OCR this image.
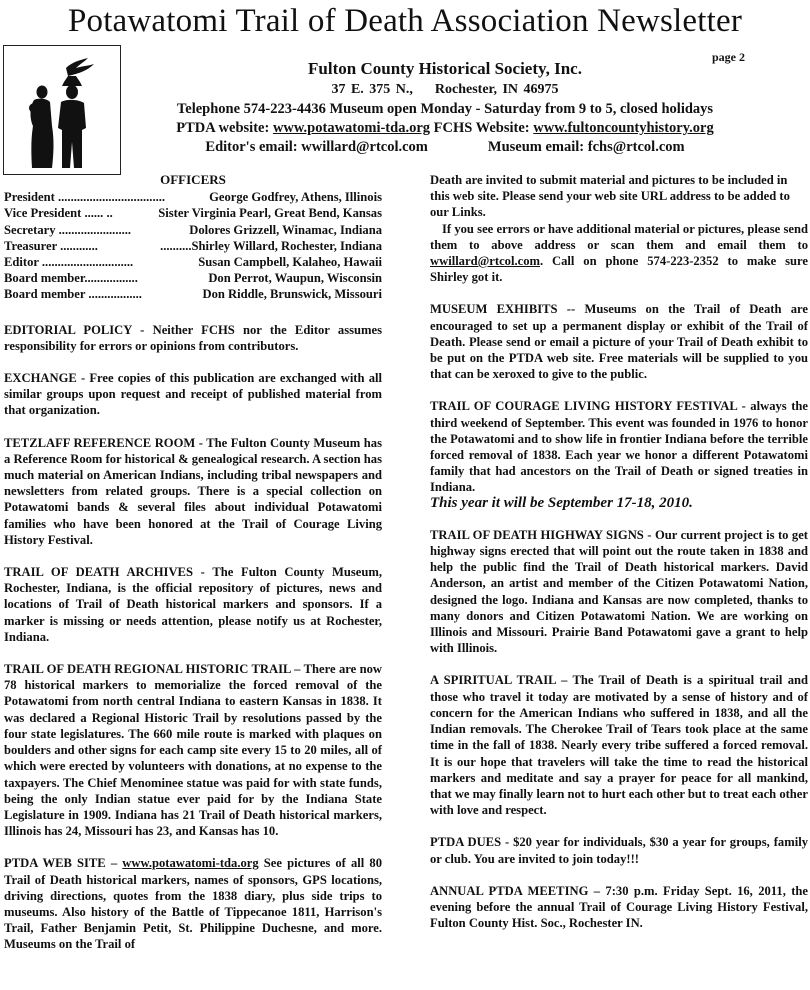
Potawatomi Trail of Death Association Newsletter
page 2

Fulton County Historical Society, Inc.

37 E. 375 N., Rochester, IN 46975

Telephone 574-223-4436 Museum open Monday - Saturday from 9 to 5, closed holidays

PTDA website: www.potawatomi-tda.org FCHS Website: www.fultoncountyhistory.org

Editor's email: wwillard@rtcol.com	Museum email: fchs@rtcol.com

OFFICERS

President ..................................	George Godfrey, Athens, Illinois
Vice President ...... ..	Sister Virginia Pearl, Great Bend, Kansas
Secretary .......................	Dolores Grizzell, Winamac, Indiana
Treasurer ............	..........Shirley Willard, Rochester, Indiana
Editor .............................	Susan Campbell, Kalaheo, Hawaii
Board member.................	Don Perrot, Waupun, Wisconsin
Board member .................	Don Riddle, Brunswick, Missouri

EDITORIAL POLICY - Neither FCHS nor the Editor assumes responsibility for errors or opinions from contributors.

EXCHANGE - Free copies of this publication are exchanged with all similar groups upon request and receipt of published material from that organization.

TETZLAFF REFERENCE ROOM - The Fulton County Museum has a Reference Room for historical & genealogical research. A section has much material on American Indians, including tribal newspapers and newsletters from related groups. There is a special collection on Potawatomi bands & several files about individual Potawatomi families who have been honored at the Trail of Courage Living History Festival.

TRAIL OF DEATH ARCHIVES - The Fulton County Museum, Rochester, Indiana, is the official repository of pictures, news and locations of Trail of Death historical markers and sponsors. If a marker is missing or needs attention, please notify us at Rochester, Indiana.

TRAIL OF DEATH REGIONAL HISTORIC TRAIL – There are now 78 historical markers to memorialize the forced removal of the Potawatomi from north central Indiana to eastern Kansas in 1838. It was declared a Regional Historic Trail by resolutions passed by the four state legislatures. The 660 mile route is marked with plaques on boulders and other signs for each camp site every 15 to 20 miles, all of which were erected by volunteers with donations, at no expense to the taxpayers. The Chief Menominee statue was paid for with state funds, being the only Indian statue ever paid for by the Indiana State Legislature in 1909. Indiana has 21 Trail of Death historical markers, Illinois has 24, Missouri has 23, and Kansas has 10.

PTDA WEB SITE – www.potawatomi-tda.org See pictures of all 80 Trail of Death historical markers, names of sponsors, GPS locations, driving directions, quotes from the 1838 diary, plus side trips to museums. Also history of the Battle of Tippecanoe 1811, Harrison's Trail, Father Benjamin Petit, St. Philippine Duchesne, and more. Museums on the Trail of

Death are invited to submit material and pictures to be included in this web site. Please send your web site URL address to be added to our Links.

If you see errors or have additional material or pictures, please send them to above address or scan them and email them to wwillard@rtcol.com. Call on phone 574-223-2352 to make sure Shirley got it.

MUSEUM EXHIBITS -- Museums on the Trail of Death are encouraged to set up a permanent display or exhibit of the Trail of Death. Please send or email a picture of your Trail of Death exhibit to be put on the PTDA web site. Free materials will be supplied to you that can be xeroxed to give to the public.

TRAIL OF COURAGE LIVING HISTORY FESTIVAL - always the third weekend of September. This event was founded in 1976 to honor the Potawatomi and to show life in frontier Indiana before the terrible forced removal of 1838. Each year we honor a different Potawatomi family that had ancestors on the Trail of Death or signed treaties in Indiana.

This year it will be September 17-18, 2010.

TRAIL OF DEATH HIGHWAY SIGNS - Our current project is to get highway signs erected that will point out the route taken in 1838 and help the public find the Trail of Death historical markers. David Anderson, an artist and member of the Citizen Potawatomi Nation, designed the logo. Indiana and Kansas are now completed, thanks to many donors and Citizen Potawatomi Nation. We are working on Illinois and Missouri. Prairie Band Potawatomi gave a grant to help with Illinois.

A SPIRITUAL TRAIL – The Trail of Death is a spiritual trail and those who travel it today are motivated by a sense of history and of concern for the American Indians who suffered in 1838, and all the Indian removals. The Cherokee Trail of Tears took place at the same time in the fall of 1838. Nearly every tribe suffered a forced removal. It is our hope that travelers will take the time to read the historical markers and meditate and say a prayer for peace for all mankind, that we may finally learn not to hurt each other but to treat each other with love and respect.

PTDA DUES - $20 year for individuals, $30 a year for groups, family or club. You are invited to join today!!!

ANNUAL PTDA MEETING – 7:30 p.m. Friday Sept. 16, 2011, the evening before the annual Trail of Courage Living History Festival, Fulton County Hist. Soc., Rochester IN.
